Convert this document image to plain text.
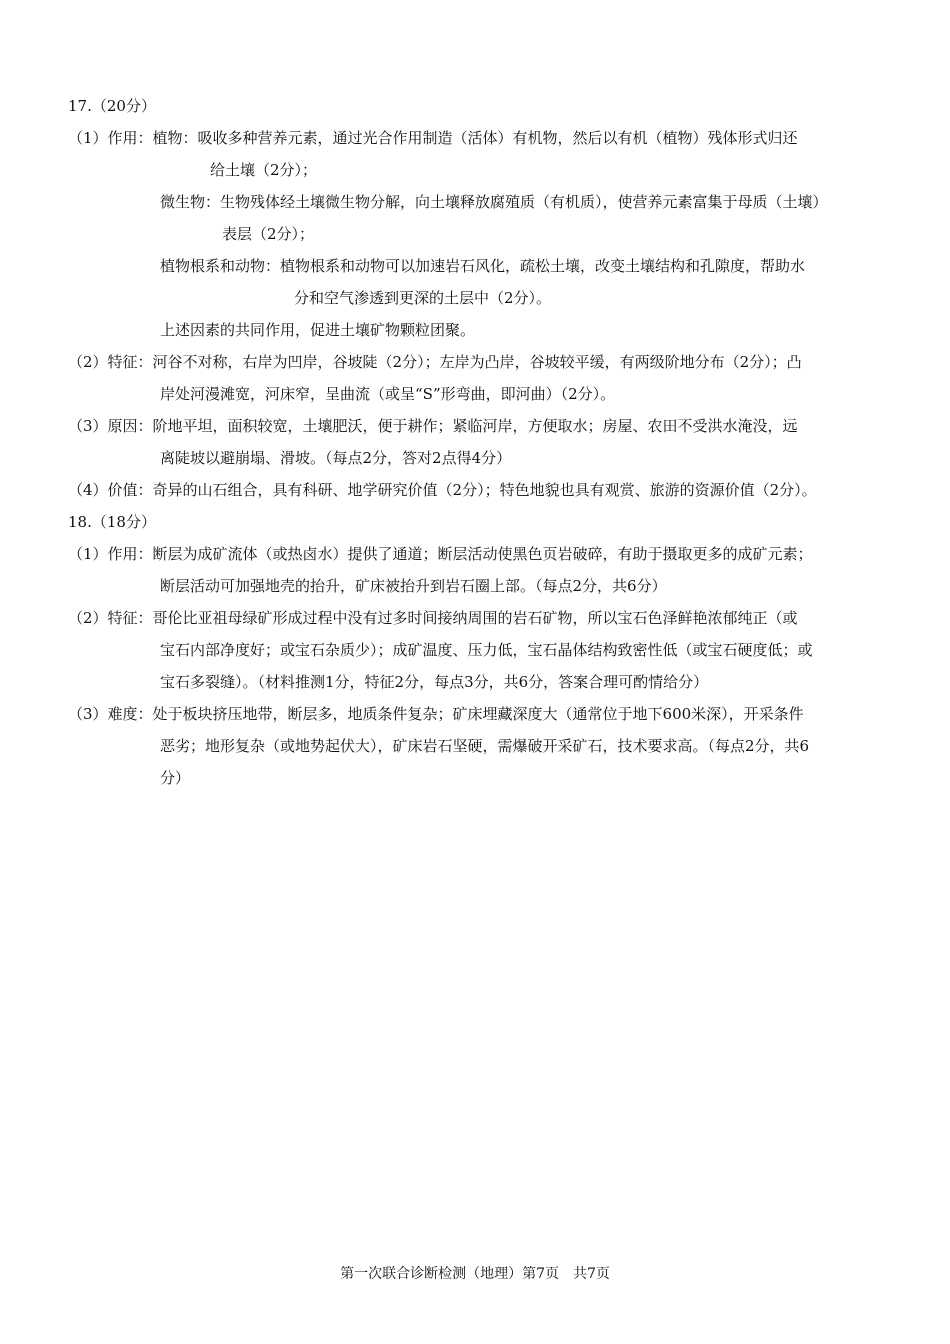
17.（20分）
（1）作用：植物：吸收多种营养元素，通过光合作用制造（活体）有机物，然后以有机（植物）残体形式归还
给土壤（2分）；
微生物：生物残体经土壤微生物分解，向土壤释放腐殖质（有机质），使营养元素富集于母质（土壤）
表层（2分）；
植物根系和动物：植物根系和动物可以加速岩石风化，疏松土壤，改变土壤结构和孔隙度，帮助水
分和空气渗透到更深的土层中（2分）。
上述因素的共同作用，促进土壤矿物颗粒团聚。
（2）特征：河谷不对称，右岸为凹岸，谷坡陡（2分）；左岸为凸岸，谷坡较平缓，有两级阶地分布（2分）；凸
岸处河漫滩宽，河床窄，呈曲流（或呈“S”形弯曲，即河曲）（2分）。
（3）原因：阶地平坦，面积较宽，土壤肥沃，便于耕作；紧临河岸，方便取水；房屋、农田不受洪水淹没，远
离陡坡以避崩塌、滑坡。（每点2分，答对2点得4分）
（4）价值：奇异的山石组合，具有科研、地学研究价值（2分）；特色地貌也具有观赏、旅游的资源价值（2分）。
18.（18分）
（1）作用：断层为成矿流体（或热卤水）提供了通道；断层活动使黑色页岩破碎，有助于摄取更多的成矿元素；
断层活动可加强地壳的抬升，矿床被抬升到岩石圈上部。（每点2分，共6分）
（2）特征：哥伦比亚祖母绿矿形成过程中没有过多时间接纳周围的岩石矿物，所以宝石色泽鲜艳浓郁纯正（或
宝石内部净度好；或宝石杂质少）；成矿温度、压力低，宝石晶体结构致密性低（或宝石硬度低；或
宝石多裂缝）。（材料推测1分，特征2分，每点3分，共6分，答案合理可酌情给分）
（3）难度：处于板块挤压地带，断层多，地质条件复杂；矿床埋藏深度大（通常位于地下600米深），开采条件
恶劣；地形复杂（或地势起伏大），矿床岩石坚硬，需爆破开采矿石，技术要求高。（每点2分，共6
分）
第一次联合诊断检测（地理）第7页　共7页
